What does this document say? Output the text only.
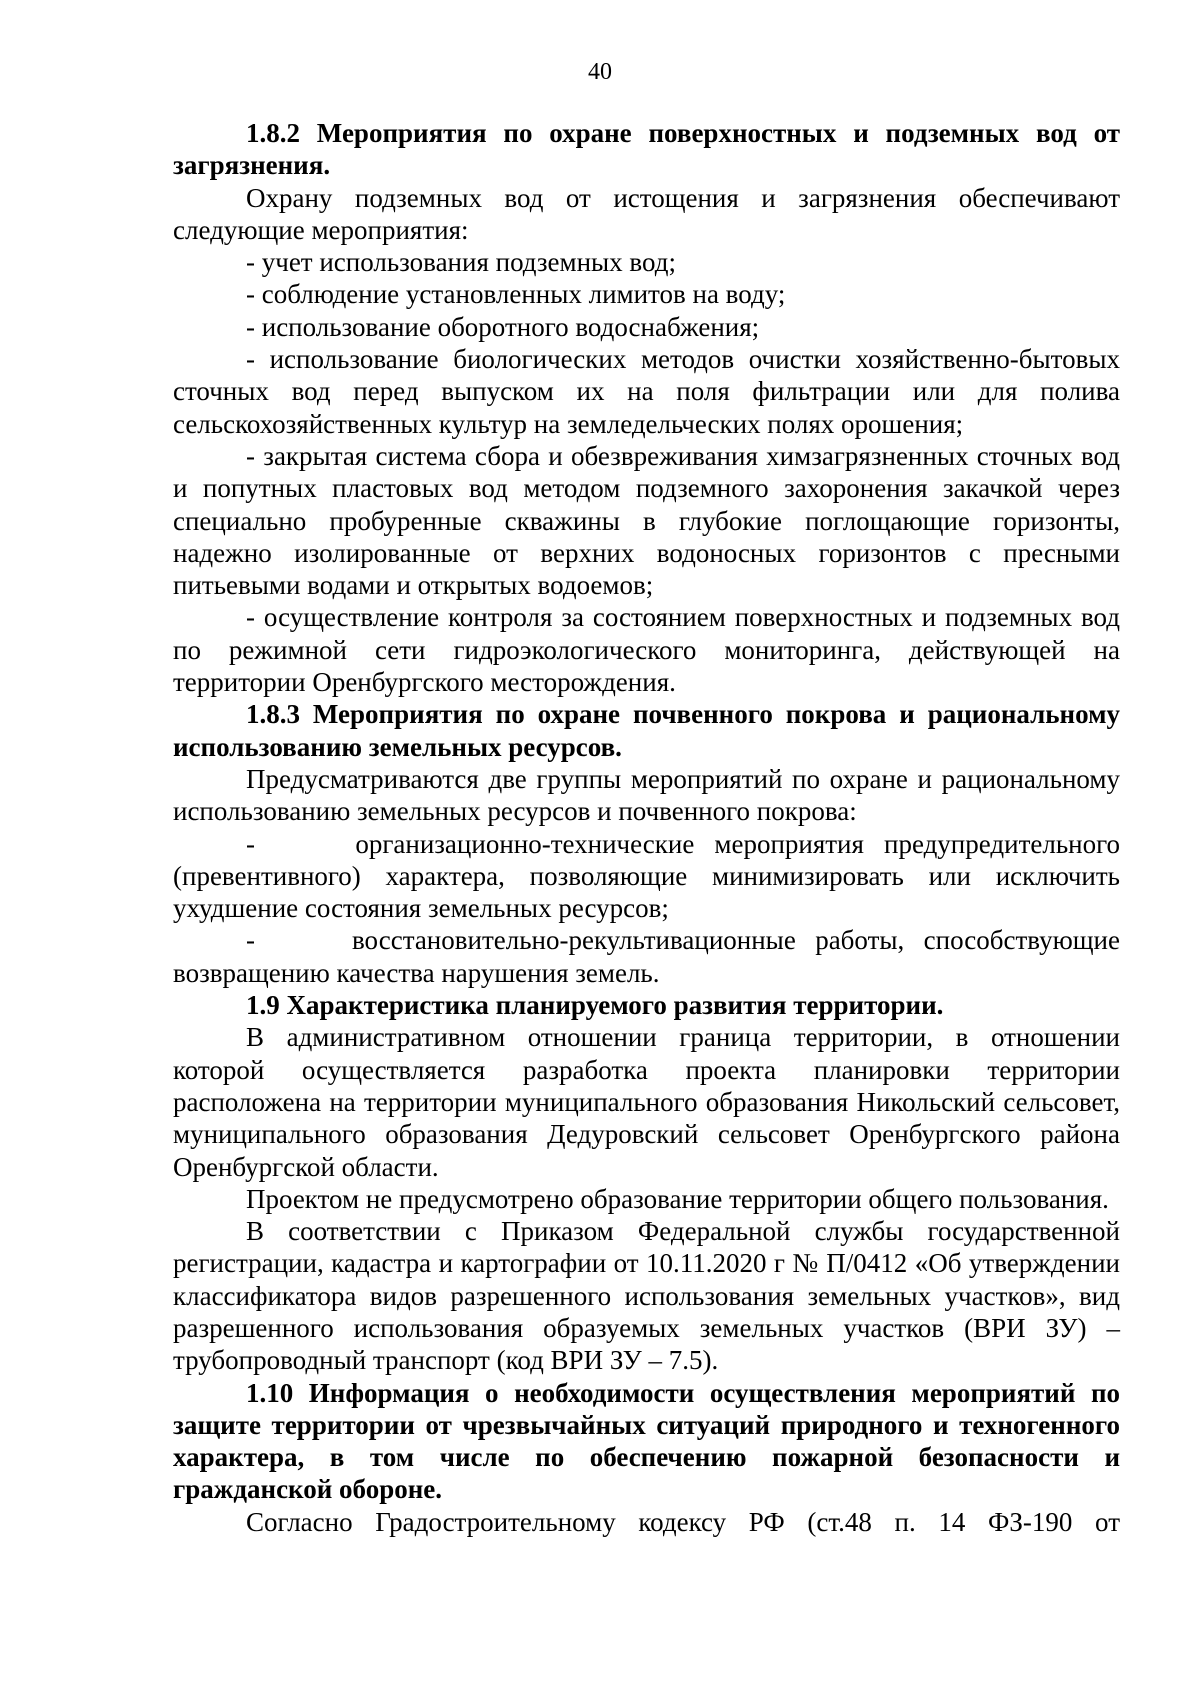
40

1.8.2 Мероприятия по охране поверхностных и подземных вод от загрязнения.

Охрану подземных вод от истощения и загрязнения обеспечивают следующие мероприятия:

- учет использования подземных вод;

- соблюдение установленных лимитов на воду;

- использование оборотного водоснабжения;

- использование биологических методов очистки хозяйственно-бытовых сточных вод перед выпуском их на поля фильтрации или для полива сельскохозяйственных культур на земледельческих полях орошения;

- закрытая система сбора и обезвреживания химзагрязненных сточных вод и попутных пластовых вод методом подземного захоронения закачкой через специально пробуренные скважины в глубокие поглощающие горизонты, надежно изолированные от верхних водоносных горизонтов с пресными питьевыми водами и открытых водоемов;

- осуществление контроля за состоянием поверхностных и подземных вод по режимной сети гидроэкологического мониторинга, действующей на территории Оренбургского месторождения.

1.8.3 Мероприятия по охране почвенного покрова и рациональному использованию земельных ресурсов.

Предусматриваются две группы мероприятий по охране и рациональному использованию земельных ресурсов и почвенного покрова:

-     организационно-технические мероприятия предупредительного (превентивного) характера, позволяющие минимизировать или исключить ухудшение состояния земельных ресурсов;

-     восстановительно-рекультивационные работы, способствующие возвращению качества нарушения земель.

1.9 Характеристика планируемого развития территории.

В административном отношении граница территории, в отношении которой осуществляется разработка проекта планировки территории расположена на территории муниципального образования Никольский сельсовет, муниципального образования Дедуровский сельсовет Оренбургского района Оренбургской области.

Проектом не предусмотрено образование территории общего пользования.

В соответствии с Приказом Федеральной службы государственной регистрации, кадастра и картографии от 10.11.2020 г № П/0412 «Об утверждении классификатора видов разрешенного использования земельных участков», вид разрешенного использования образуемых земельных участков (ВРИ ЗУ) – трубопроводный транспорт (код ВРИ ЗУ – 7.5).

1.10 Информация о необходимости осуществления мероприятий по защите территории от чрезвычайных ситуаций природного и техногенного характера, в том числе по обеспечению пожарной безопасности и гражданской обороне.

Согласно Градостроительному кодексу РФ (ст.48 п. 14 ФЗ-190 от
